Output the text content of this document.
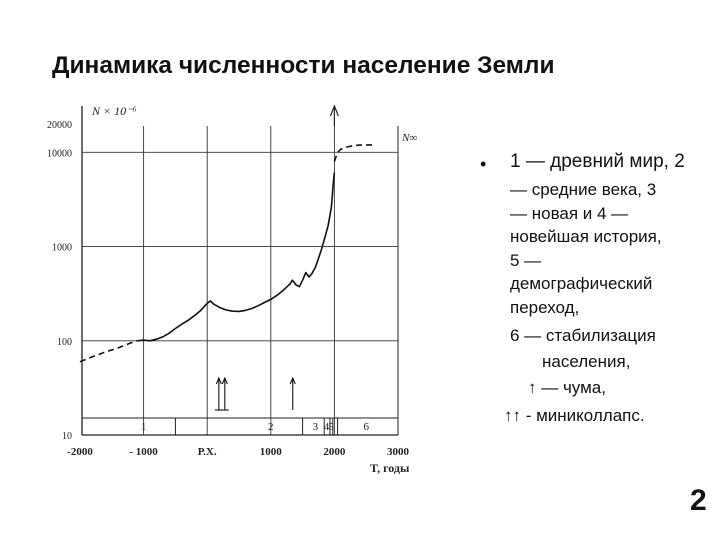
Динамика численности население Земли
1	2	3 4 5	6
10
100
1000
10000
20000
-2000	- 1000	Р.Х.	1000	2000	3000
N × 10⁻⁶
T, годы
N∞
• 1 — древний мир, 2
— средние века, 3
— новая и 4 —
новейшая история,
5 —
демографический
переход,
6 — стабилизация
населения,
↑ — чума,
↑↑ - миниколлапс.
2
